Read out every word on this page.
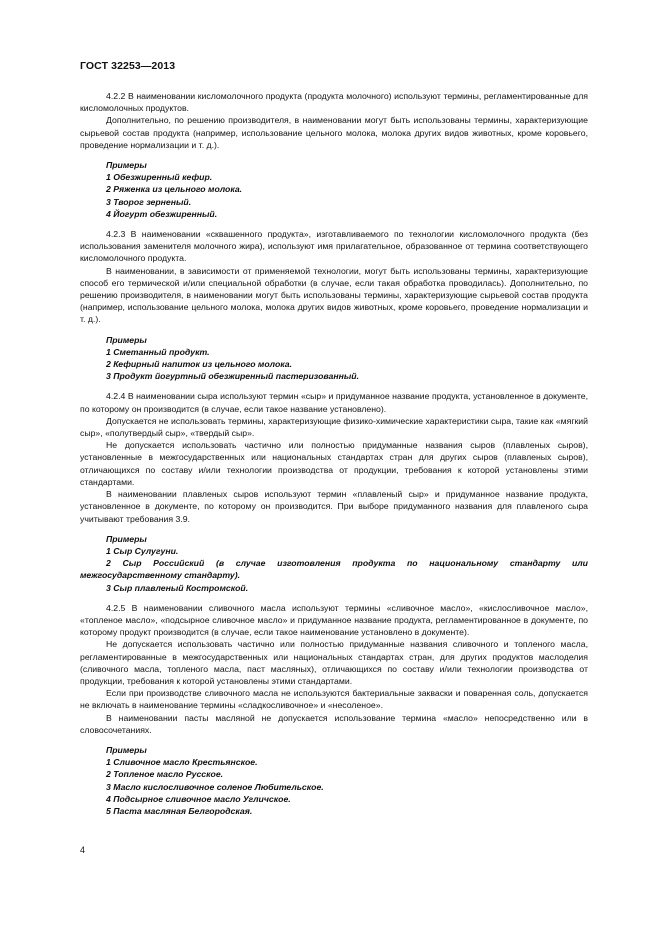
ГОСТ 32253—2013

4.2.2 В наименовании кисломолочного продукта (продукта молочного) используют термины, регламентированные для кисломолочных продуктов.

Дополнительно, по решению производителя, в наименовании могут быть использованы термины, характеризующие сырьевой состав продукта (например, использование цельного молока, молока других видов животных, кроме коровьего, проведение нормализации и т. д.).

Примеры
1 Обезжиренный кефир.
2 Ряженка из цельного молока.
3 Творог зерненый.
4 Йогурт обезжиренный.

4.2.3 В наименовании «сквашенного продукта», изготавливаемого по технологии кисломолочного продукта (без использования заменителя молочного жира), используют имя прилагательное, образованное от термина соответствующего кисломолочного продукта.

В наименовании, в зависимости от применяемой технологии, могут быть использованы термины, характеризующие способ его термической и/или специальной обработки (в случае, если такая обработка проводилась). Дополнительно, по решению производителя, в наименовании могут быть использованы термины, характеризующие сырьевой состав продукта (например, использование цельного молока, молока других видов животных, кроме коровьего, проведение нормализации и т. д.).

Примеры
1 Сметанный продукт.
2 Кефирный напиток из цельного молока.
3 Продукт йогуртный обезжиренный пастеризованный.

4.2.4 В наименовании сыра используют термин «сыр» и придуманное название продукта, установленное в документе, по которому он производится (в случае, если такое название установлено).

Допускается не использовать термины, характеризующие физико-химические характеристики сыра, такие как «мягкий сыр», «полутвердый сыр», «твердый сыр».

Не допускается использовать частично или полностью придуманные названия сыров (плавленых сыров), установленные в межгосударственных или национальных стандартах стран для других сыров (плавленых сыров), отличающихся по составу и/или технологии производства от продукции, требования к которой установлены этими стандартами.

В наименовании плавленых сыров используют термин «плавленый сыр» и придуманное название продукта, установленное в документе, по которому он производится. При выборе придуманного названия для плавленого сыра учитывают требования 3.9.

Примеры
1 Сыр Сулугуни.
2 Сыр Российский (в случае изготовления продукта по национальному стандарту или межгосударственному стандарту).
3 Сыр плавленый Костромской.

4.2.5 В наименовании сливочного масла используют термины «сливочное масло», «кислосливочное масло», «топленое масло», «подсырное сливочное масло» и придуманное название продукта, регламентированное в документе, по которому продукт производится (в случае, если такое наименование установлено в документе).

Не допускается использовать частично или полностью придуманные названия сливочного и топленого масла, регламентированные в межгосударственных или национальных стандартах стран, для других продуктов маслоделия (сливочного масла, топленого масла, паст масляных), отличающихся по составу и/или технологии производства от продукции, требования к которой установлены этими стандартами.

Если при производстве сливочного масла не используются бактериальные закваски и поваренная соль, допускается не включать в наименование термины «сладкосливочное» и «несоленое».

В наименовании пасты масляной не допускается использование термина «масло» непосредственно или в словосочетаниях.

Примеры
1 Сливочное масло Крестьянское.
2 Топленое масло Русское.
3 Масло кислосливочное соленое Любительское.
4 Подсырное сливочное масло Угличское.
5 Паста масляная Белгородская.
4
